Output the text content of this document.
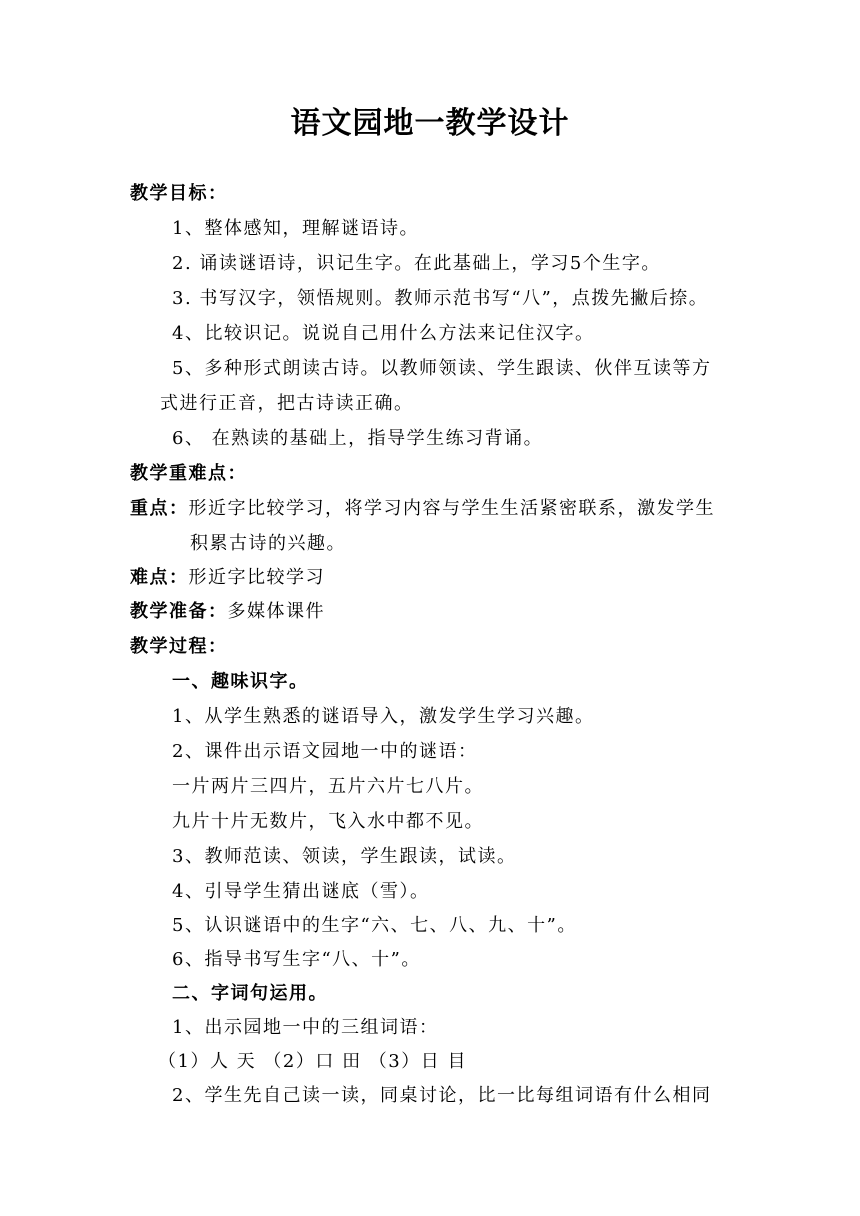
语文园地一教学设计
教学目标：
1、整体感知，理解谜语诗。
2. 诵读谜语诗，识记生字。在此基础上，学习5个生字。
3. 书写汉字，领悟规则。教师示范书写“八”，点拨先撇后捺。
4、比较识记。说说自己用什么方法来记住汉字。
5、多种形式朗读古诗。以教师领读、学生跟读、伙伴互读等方
式进行正音，把古诗读正确。
6、 在熟读的基础上，指导学生练习背诵。
教学重难点：
重点：形近字比较学习，将学习内容与学生生活紧密联系，激发学生
积累古诗的兴趣。
难点：形近字比较学习
教学准备：多媒体课件
教学过程：
一、趣味识字。
1、从学生熟悉的谜语导入，激发学生学习兴趣。
2、课件出示语文园地一中的谜语：
一片两片三四片，五片六片七八片。
九片十片无数片，飞入水中都不见。
3、教师范读、领读，学生跟读，试读。
4、引导学生猜出谜底（雪）。
5、认识谜语中的生字“六、七、八、九、十”。
6、指导书写生字“八、十”。
二、字词句运用。
1、出示园地一中的三组词语：
（1）人 天 （2）口 田 （3）日 目
2、学生先自己读一读，同桌讨论，比一比每组词语有什么相同
